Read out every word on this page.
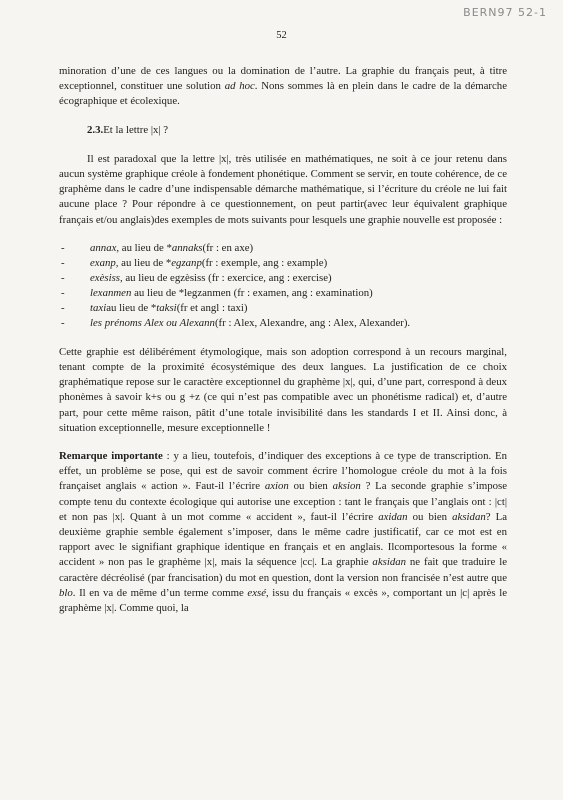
BERN97 52-1
52

minoration d’une de ces langues ou la domination de l’autre. La graphie du français peut, à titre exceptionnel, constituer une solution ad hoc. Nons sommes là en plein dans le cadre de la démarche écographique et écolexique.

2.3.Et la lettre |x| ?

Il est paradoxal que la lettre |x|, très utilisée en mathématiques, ne soit à ce jour retenu dans aucun système graphique créole à fondement phonétique. Comment se servir, en toute cohérence, de ce graphème dans le cadre d’une indispensable démarche mathématique, si l’écriture du créole ne lui fait aucune place ? Pour répondre à ce questionnement, on peut partir(avec leur équivalent graphique français et/ou anglais)des exemples de mots suivants pour lesquels une graphie nouvelle est proposée :

- annax, au lieu de *annaks(fr : en axe)
- exanp, au lieu de *egzanp(fr : exemple, ang : example)
- exèsiss, au lieu de egzèsiss (fr : exercice, ang : exercise)
- lexanmen au lieu de *legzanmen (fr : examen, ang : examination)
- taxiau lieu de *taksi(fr et angl : taxi)
- les prénoms Alex ou Alexann(fr : Alex, Alexandre, ang : Alex, Alexander).

Cette graphie est délibérément étymologique, mais son adoption correspond à un recours marginal, tenant compte de la proximité écosystémique des deux langues. La justification de ce choix graphématique repose sur le caractère exceptionnel du graphème |x|, qui, d’une part, correspond à deux phonèmes à savoir k+s ou g +z (ce qui n’est pas compatible avec un phonétisme radical) et, d’autre part, pour cette même raison, pâtit d’une totale invisibilité dans les standards I et II. Ainsi donc, à situation exceptionnelle, mesure exceptionnelle !

Remarque importante : y a lieu, toutefois, d’indiquer des exceptions à ce type de transcription. En effet, un problème se pose, qui est de savoir comment écrire l’homologue créole du mot à la fois françaiset anglais « action ». Faut-il l’écrire axion ou bien aksion ? La seconde graphie s’impose compte tenu du contexte écologique qui autorise une exception : tant le français que l’anglais ont : |ct| et non pas |x|. Quant à un mot comme « accident », faut-il l’écrire axidan ou bien aksidan? La deuxième graphie semble également s’imposer, dans le même cadre justificatif, car ce mot est en rapport avec le signifiant graphique identique en français et en anglais. Ilcomportesous la forme « accident » non pas le graphème |x|, mais la séquence |cc|. La graphie aksidan ne fait que traduire le caractère décréolisé (par francisation) du mot en question, dont la version non francisée n’est autre que blo. Il en va de même d’un terme comme exsé, issu du français « excès », comportant un |c| après le graphème |x|. Comme quoi, la
